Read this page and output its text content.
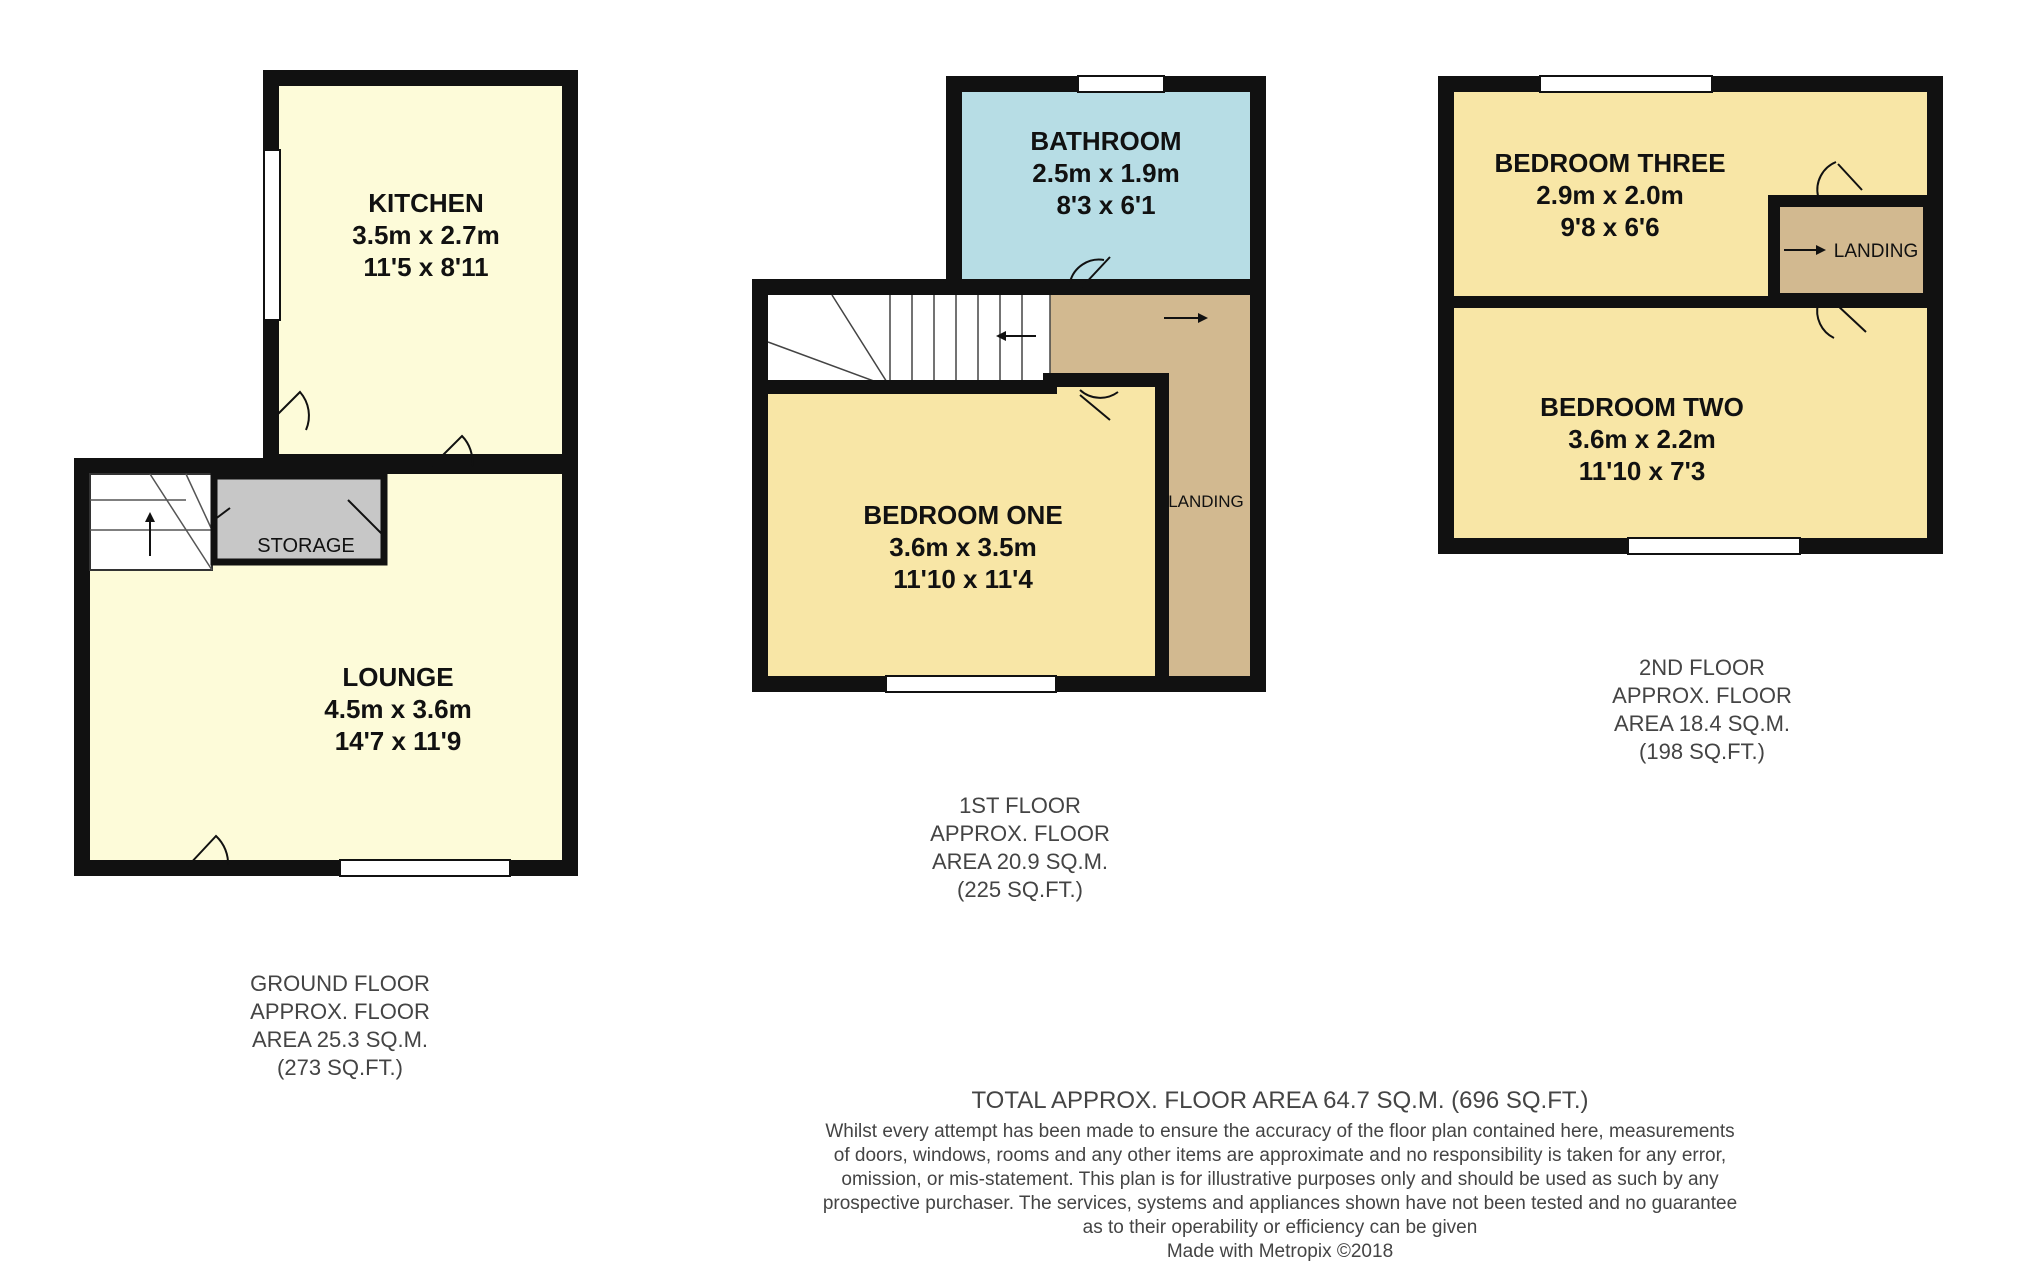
KITCHEN
3.5m x 2.7m
11'5 x 8'11
LOUNGE
4.5m x 3.6m
14'7 x 11'9
STORAGE
BATHROOM
2.5m x 1.9m
8'3 x 6'1
BEDROOM ONE
3.6m x 3.5m
11'10 x 11'4
LANDING
BEDROOM THREE
2.9m x 2.0m
9'8 x 6'6
LANDING
BEDROOM TWO
3.6m x 2.2m
11'10 x 7'3
GROUND FLOOR
APPROX. FLOOR
AREA 25.3 SQ.M.
(273 SQ.FT.)
1ST FLOOR
APPROX. FLOOR
AREA 20.9 SQ.M.
(225 SQ.FT.)
2ND FLOOR
APPROX. FLOOR
AREA 18.4 SQ.M.
(198 SQ.FT.)
TOTAL APPROX. FLOOR AREA 64.7 SQ.M. (696 SQ.FT.)
Whilst every attempt has been made to ensure the accuracy of the floor plan contained here, measurements
of doors, windows, rooms and any other items are approximate and no responsibility is taken for any error,
omission, or mis-statement. This plan is for illustrative purposes only and should be used as such by any
prospective purchaser. The services, systems and appliances shown have not been tested and no guarantee
as to their operability or efficiency can be given
Made with Metropix ©2018
